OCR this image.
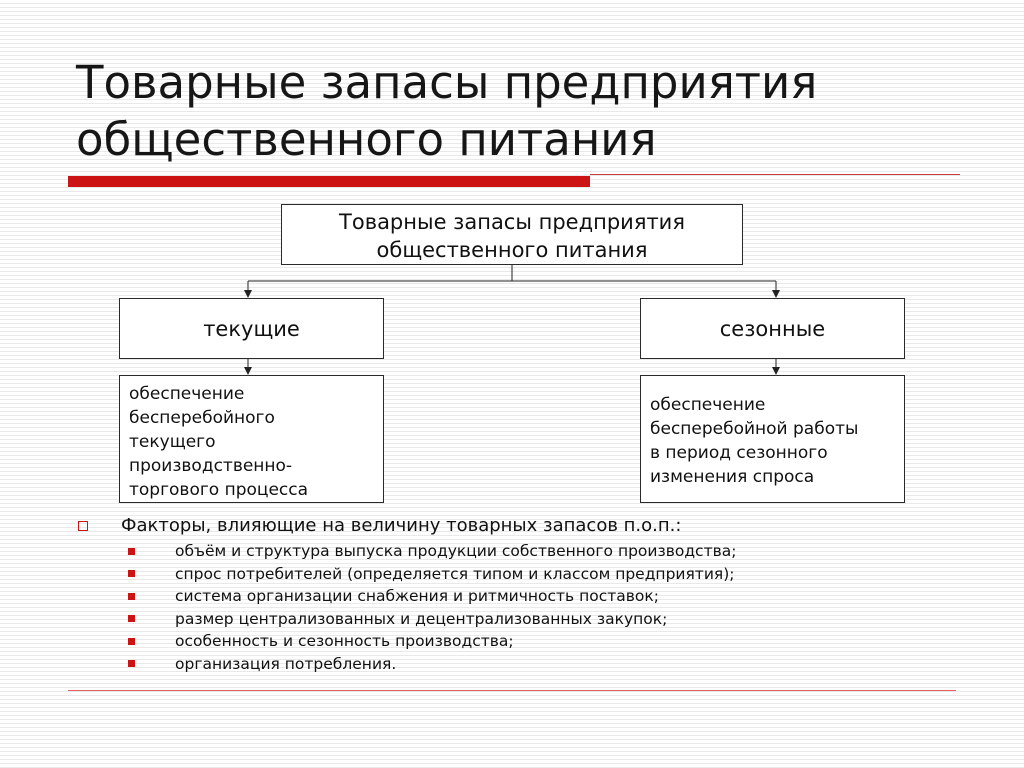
Товарные запасы предприятия
общественного питания
Товарные запасы предприятия
общественного питания
текущие	сезонные
обеспечение
бесперебойного
текущего
производственно-
торгового процесса
обеспечение
бесперебойной работы
в период сезонного
изменения спроса
Факторы, влияющие на величину товарных запасов п.о.п.:
объём и структура выпуска продукции собственного производства;
спрос потребителей (определяется типом и классом предприятия);
система организации снабжения и ритмичность поставок;
размер централизованных и децентрализованных закупок;
особенность и сезонность производства;
организация потребления.
